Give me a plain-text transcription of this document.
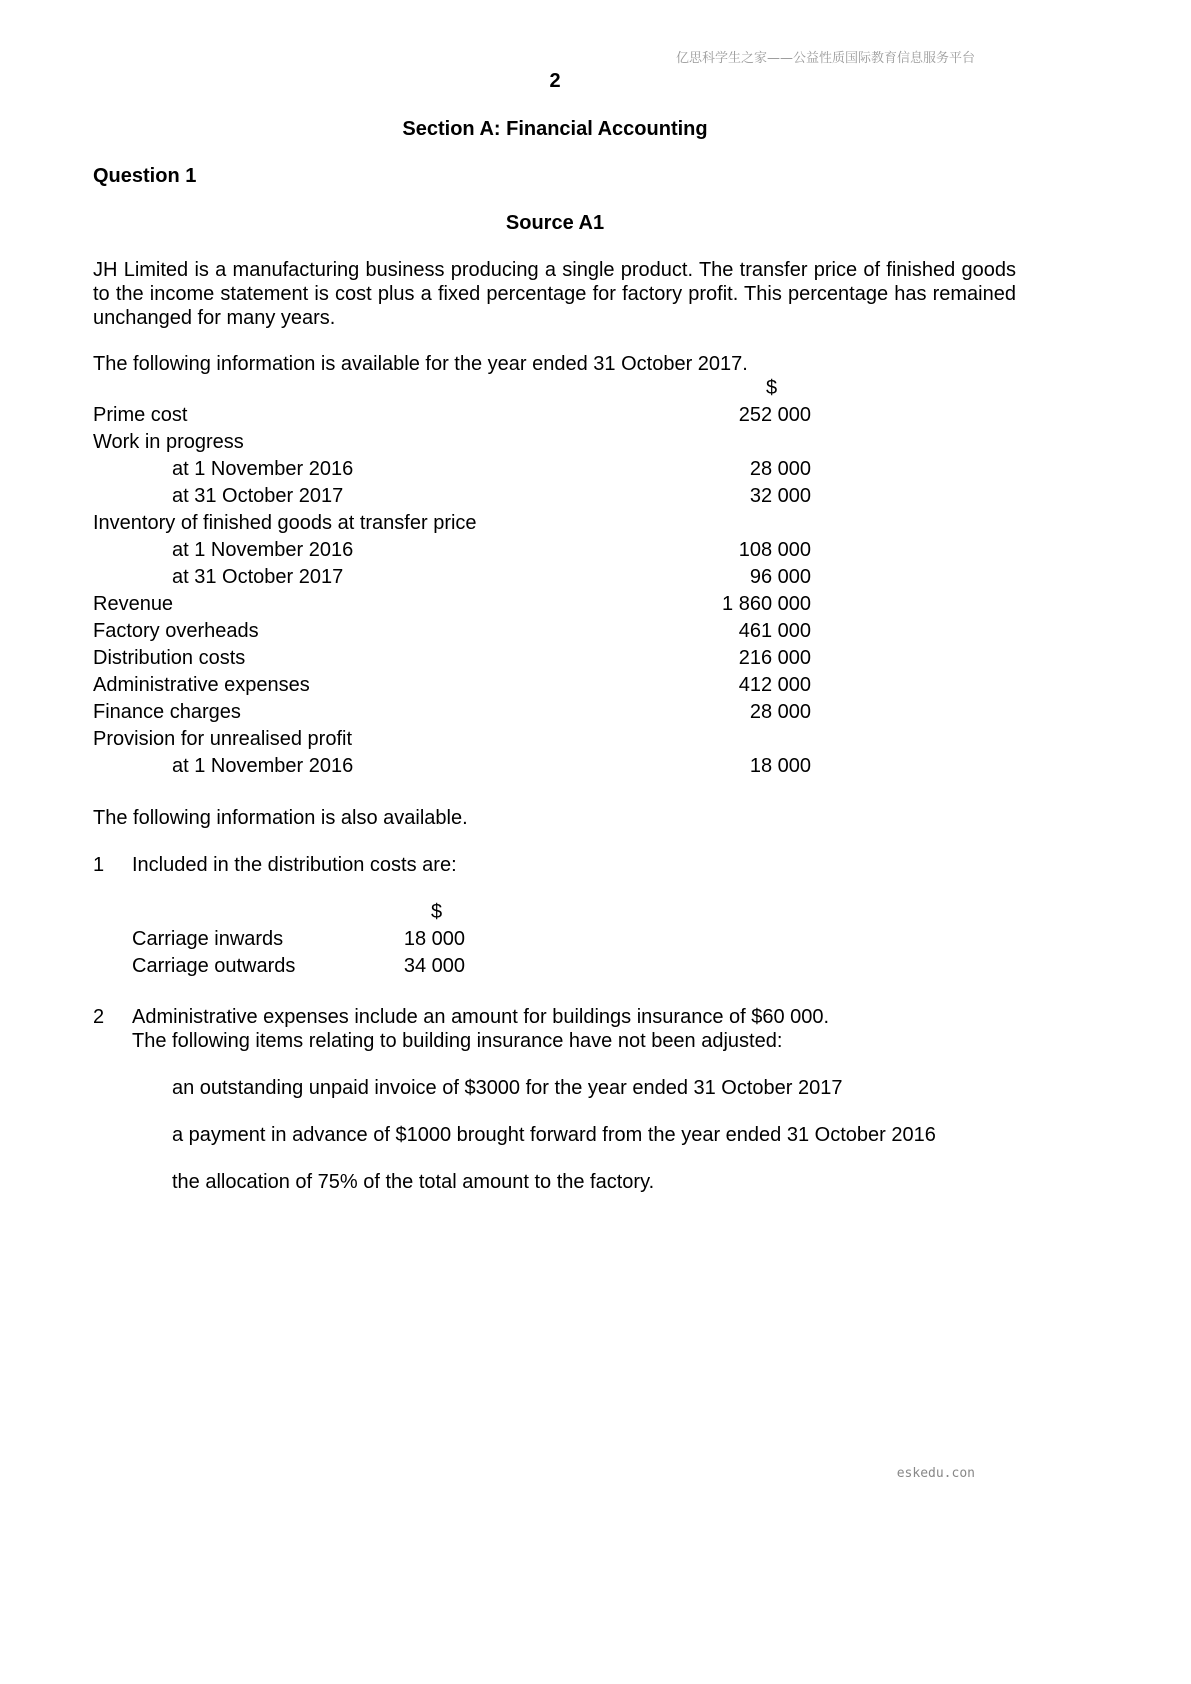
亿思科学生之家——公益性质国际教育信息服务平台
2
Section A: Financial Accounting
Question 1
Source A1
JH Limited is a manufacturing business producing a single product. The transfer price of finished goods to the income statement is cost plus a fixed percentage for factory profit. This percentage has remained unchanged for many years.
The following information is available for the year ended 31 October 2017.
$
Prime cost	252 000
Work in progress
at 1 November 2016	28 000
at 31 October 2017	32 000
Inventory of finished goods at transfer price
at 1 November 2016	108 000
at 31 October 2017	96 000
Revenue	1 860 000
Factory overheads	461 000
Distribution costs	216 000
Administrative expenses	412 000
Finance charges	28 000
Provision for unrealised profit
at 1 November 2016	18 000
The following information is also available.
1 Included in the distribution costs are:
$
Carriage inwards	18 000
Carriage outwards	34 000
2 Administrative expenses include an amount for buildings insurance of $60 000.
The following items relating to building insurance have not been adjusted:
an outstanding unpaid invoice of $3000 for the year ended 31 October 2017
a payment in advance of $1000 brought forward from the year ended 31 October 2016
the allocation of 75% of the total amount to the factory.
eskedu.con
